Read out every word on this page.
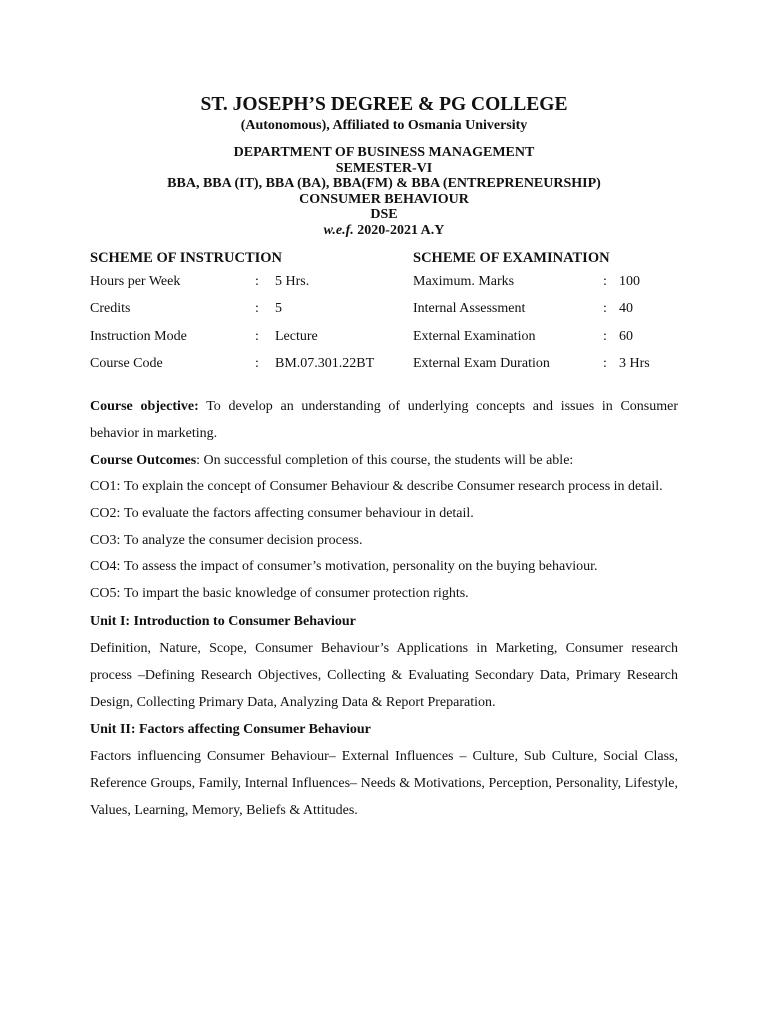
ST. JOSEPH’S DEGREE & PG COLLEGE
(Autonomous), Affiliated to Osmania University
DEPARTMENT OF BUSINESS MANAGEMENT
SEMESTER-VI
BBA, BBA (IT), BBA (BA), BBA(FM) & BBA (ENTREPRENEURSHIP)
CONSUMER BEHAVIOUR
DSE
w.e.f. 2020-2021 A.Y
SCHEME OF INSTRUCTION	SCHEME OF EXAMINATION
Hours per Week	:	5 Hrs.	Maximum. Marks	: 100
Credits	:	5	Internal Assessment	: 40
Instruction Mode	:	Lecture	External Examination	: 60
Course Code	:	BM.07.301.22BT	External Exam Duration	: 3 Hrs
Course objective: To develop an understanding of underlying concepts and issues in Consumer behavior in marketing.
Course Outcomes: On successful completion of this course, the students will be able:
CO1: To explain the concept of Consumer Behaviour & describe Consumer research process in detail.
CO2: To evaluate the factors affecting consumer behaviour in detail.
CO3: To analyze the consumer decision process.
CO4: To assess the impact of consumer’s motivation, personality on the buying behaviour.
CO5: To impart the basic knowledge of consumer protection rights.
Unit I: Introduction to Consumer Behaviour
Definition, Nature, Scope, Consumer Behaviour’s Applications in Marketing, Consumer research process –Defining Research Objectives, Collecting & Evaluating Secondary Data, Primary Research Design, Collecting Primary Data, Analyzing Data & Report Preparation.
Unit II: Factors affecting Consumer Behaviour
Factors influencing Consumer Behaviour– External Influences – Culture, Sub Culture, Social Class, Reference Groups, Family, Internal Influences– Needs & Motivations, Perception, Personality, Lifestyle, Values, Learning, Memory, Beliefs & Attitudes.
